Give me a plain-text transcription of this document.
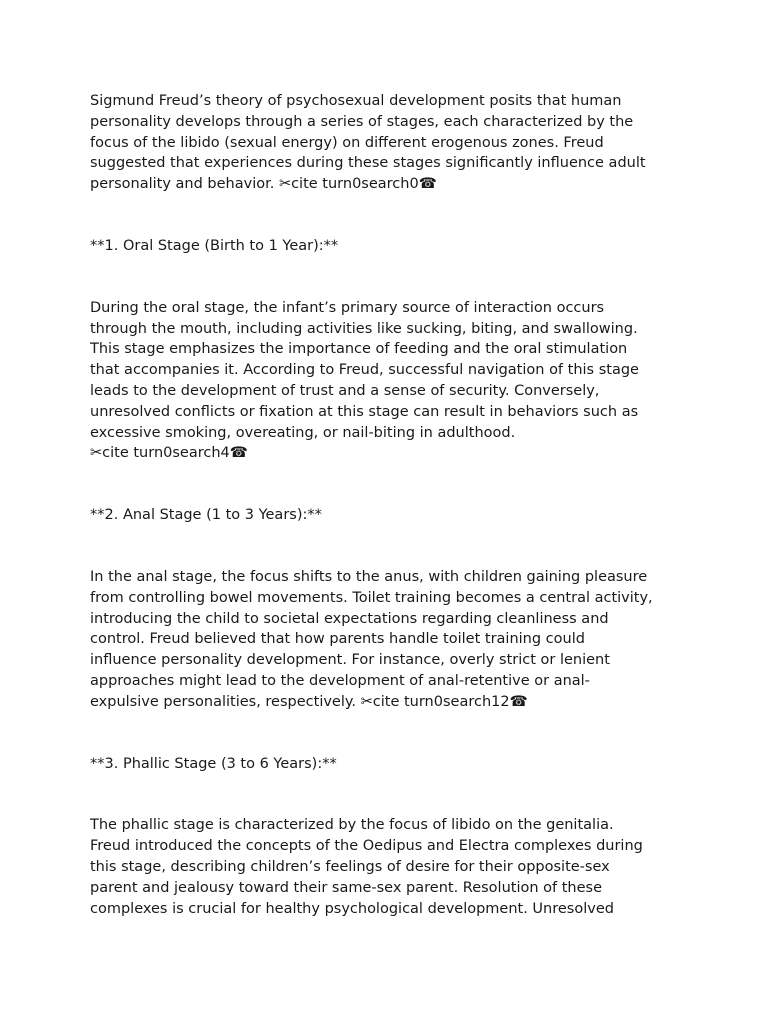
Sigmund Freud’s theory of psychosexual development posits that human
personality develops through a series of stages, each characterized by the
focus of the libido (sexual energy) on different erogenous zones. Freud
suggested that experiences during these stages significantly influence adult
personality and behavior. ✂cite turn0search0☎

**1. Oral Stage (Birth to 1 Year):**

During the oral stage, the infant’s primary source of interaction occurs
through the mouth, including activities like sucking, biting, and swallowing.
This stage emphasizes the importance of feeding and the oral stimulation
that accompanies it. According to Freud, successful navigation of this stage
leads to the development of trust and a sense of security. Conversely,
unresolved conflicts or fixation at this stage can result in behaviors such as
excessive smoking, overeating, or nail-biting in adulthood.
✂cite turn0search4☎

**2. Anal Stage (1 to 3 Years):**

In the anal stage, the focus shifts to the anus, with children gaining pleasure
from controlling bowel movements. Toilet training becomes a central activity,
introducing the child to societal expectations regarding cleanliness and
control. Freud believed that how parents handle toilet training could
influence personality development. For instance, overly strict or lenient
approaches might lead to the development of anal-retentive or anal-
expulsive personalities, respectively. ✂cite turn0search12☎

**3. Phallic Stage (3 to 6 Years):**

The phallic stage is characterized by the focus of libido on the genitalia.
Freud introduced the concepts of the Oedipus and Electra complexes during
this stage, describing children’s feelings of desire for their opposite-sex
parent and jealousy toward their same-sex parent. Resolution of these
complexes is crucial for healthy psychological development. Unresolved
